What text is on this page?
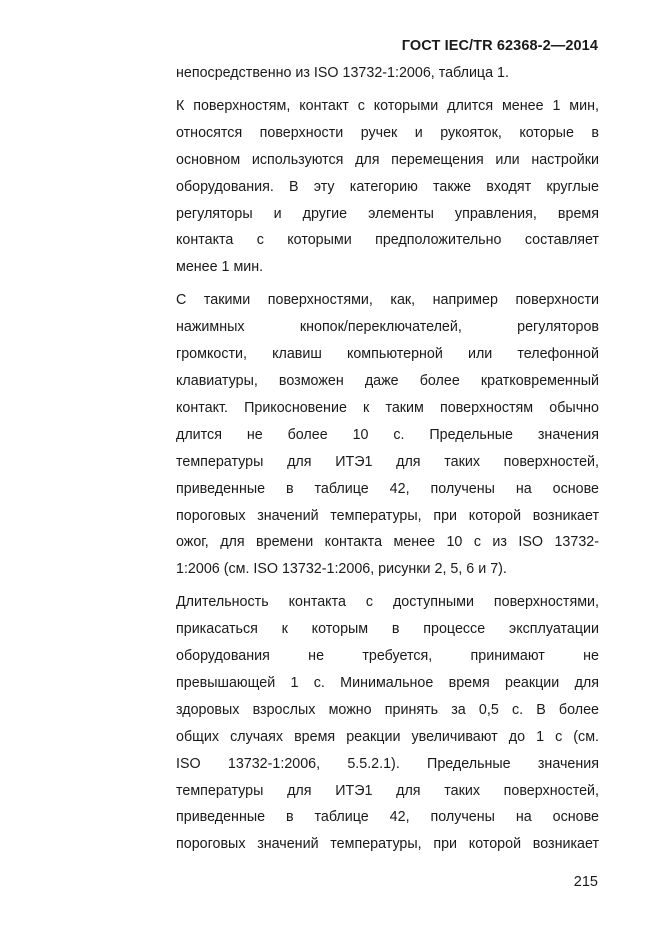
ГОСТ IEC/TR 62368-2—2014

непосредственно из ISO 13732-1:2006, таблица 1.

К поверхностям, контакт с которыми длится менее 1 мин,
относятся поверхности ручек и рукояток, которые в
основном используются для перемещения или настройки
оборудования. В эту категорию также входят круглые
регуляторы и другие элементы управления, время
контакта с которыми предположительно составляет
менее 1 мин.

С такими поверхностями, как, например поверхности
нажимных кнопок/переключателей, регуляторов
громкости, клавиш компьютерной или телефонной
клавиатуры, возможен даже более кратковременный
контакт. Прикосновение к таким поверхностям обычно
длится не более 10 с. Предельные значения
температуры для ИТЭ1 для таких поверхностей,
приведенные в таблице 42, получены на основе
пороговых значений температуры, при которой возникает
ожог, для времени контакта менее 10 с из ISO 13732-
1:2006 (см. ISO 13732-1:2006, рисунки 2, 5, 6 и 7).

Длительность контакта с доступными поверхностями,
прикасаться к которым в процессе эксплуатации
оборудования не требуется, принимают не
превышающей 1 с. Минимальное время реакции для
здоровых взрослых можно принять за 0,5 с. В более
общих случаях время реакции увеличивают до 1 с (см.
ISO 13732-1:2006, 5.5.2.1). Предельные значения
температуры для ИТЭ1 для таких поверхностей,
приведенные в таблице 42, получены на основе
пороговых значений температуры, при которой возникает

215
